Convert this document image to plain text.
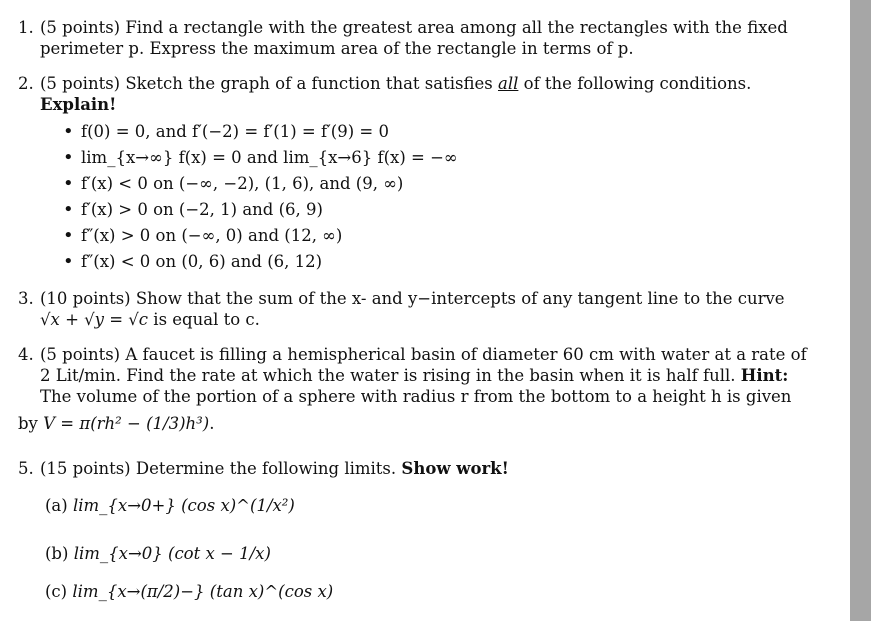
1. (5 points) Find a rectangle with the greatest area among all the rectangles with the fixed
perimeter p. Express the maximum area of the rectangle in terms of p.
2. (5 points) Sketch the graph of a function that satisfies all of the following conditions. Explain!
• f(0) = 0, and f′(−2) = f′(1) = f′(9) = 0
• lim_{x→∞} f(x) = 0 and lim_{x→6} f(x) = −∞
• f′(x) < 0 on (−∞, −2), (1, 6), and (9, ∞)
• f′(x) > 0 on (−2, 1) and (6, 9)
• f″(x) > 0 on (−∞, 0) and (12, ∞)
• f″(x) < 0 on (0, 6) and (6, 12)
3. (10 points) Show that the sum of the x- and y−intercepts of any tangent line to the curve
√x + √y = √c is equal to c.
4. (5 points) A faucet is filling a hemispherical basin of diameter 60 cm with water at a rate of
2 Lit/min. Find the rate at which the water is rising in the basin when it is half full. Hint:
The volume of the portion of a sphere with radius r from the bottom to a height h is given
by V = π(rh² − (1/3)h³).
5. (15 points) Determine the following limits. Show work!
(a) lim_{x→0+} (cos x)^(1/x²)
(b) lim_{x→0} (cot x − 1/x)
(c) lim_{x→(π/2)−} (tan x)^(cos x)
